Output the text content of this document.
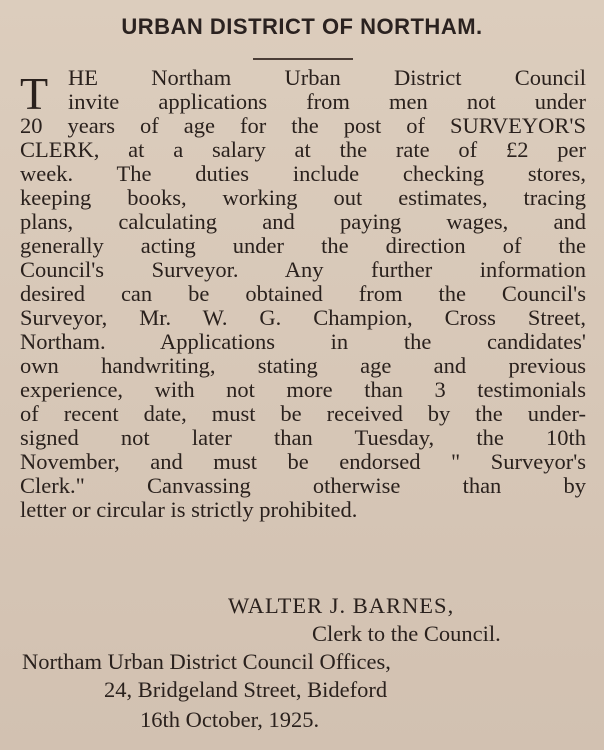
URBAN DISTRICT OF NORTHAM.
T HE Northam Urban District Council
invite applications from men not under
20 years of age for the post of SURVEYOR'S
CLERK, at a salary at the rate of £2 per
week. The duties include checking stores,
keeping books, working out estimates, tracing
plans, calculating and paying wages, and
generally acting under the direction of the
Council's Surveyor. Any further information
desired can be obtained from the Council's
Surveyor, Mr. W. G. Champion, Cross Street,
Northam. Applications in the candidates'
own handwriting, stating age and previous
experience, with not more than 3 testimonials
of recent date, must be received by the under-
signed not later than Tuesday, the 10th
November, and must be endorsed " Surveyor's
Clerk." Canvassing otherwise than by
letter or circular is strictly prohibited.
WALTER J. BARNES,
Clerk to the Council.
Northam Urban District Council Offices,
24, Bridgeland Street, Bideford
16th October, 1925.
